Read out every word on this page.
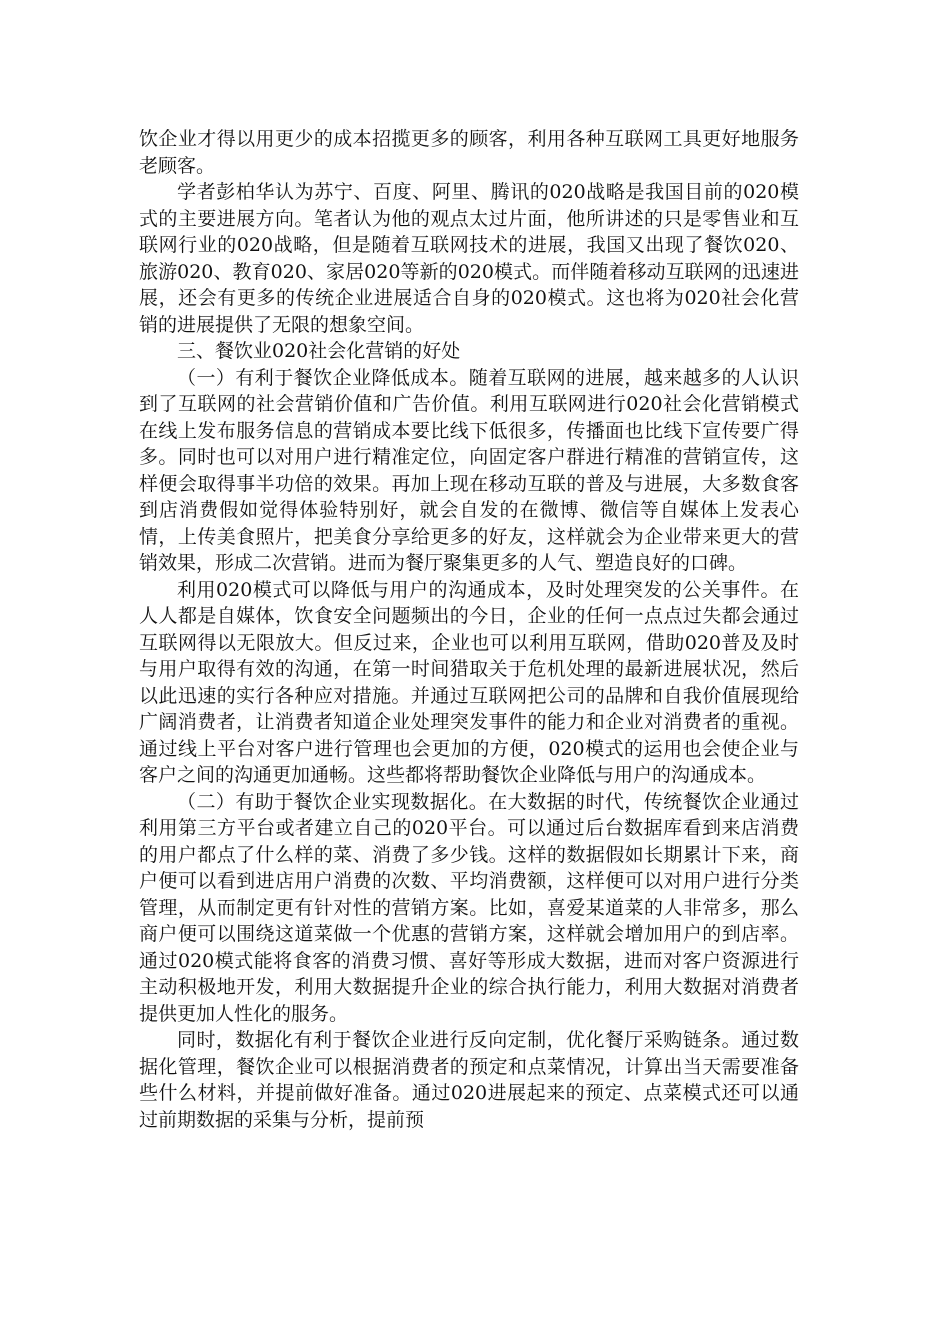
饮企业才得以用更少的成本招揽更多的顾客，利用各种互联网工具更好地服务老顾客。

学者彭柏华认为苏宁、百度、阿里、腾讯的020战略是我国目前的020模式的主要进展方向。笔者认为他的观点太过片面，他所讲述的只是零售业和互联网行业的020战略，但是随着互联网技术的进展，我国又出现了餐饮020、旅游020、教育020、家居020等新的020模式。而伴随着移动互联网的迅速进展，还会有更多的传统企业进展适合自身的020模式。这也将为020社会化营销的进展提供了无限的想象空间。

三、餐饮业020社会化营销的好处

（一）有利于餐饮企业降低成本。随着互联网的进展，越来越多的人认识到了互联网的社会营销价值和广告价值。利用互联网进行020社会化营销模式在线上发布服务信息的营销成本要比线下低很多，传播面也比线下宣传要广得多。同时也可以对用户进行精准定位，向固定客户群进行精准的营销宣传，这样便会取得事半功倍的效果。再加上现在移动互联的普及与进展，大多数食客到店消费假如觉得体验特别好，就会自发的在微博、微信等自媒体上发表心情，上传美食照片，把美食分享给更多的好友，这样就会为企业带来更大的营销效果，形成二次营销。进而为餐厅聚集更多的人气、塑造良好的口碑。

利用020模式可以降低与用户的沟通成本，及时处理突发的公关事件。在人人都是自媒体，饮食安全问题频出的今日，企业的任何一点点过失都会通过互联网得以无限放大。但反过来，企业也可以利用互联网，借助020普及及时与用户取得有效的沟通，在第一时间猎取关于危机处理的最新进展状况，然后以此迅速的实行各种应对措施。并通过互联网把公司的品牌和自我价值展现给广阔消费者，让消费者知道企业处理突发事件的能力和企业对消费者的重视。通过线上平台对客户进行管理也会更加的方便，020模式的运用也会使企业与客户之间的沟通更加通畅。这些都将帮助餐饮企业降低与用户的沟通成本。

（二）有助于餐饮企业实现数据化。在大数据的时代，传统餐饮企业通过利用第三方平台或者建立自己的020平台。可以通过后台数据库看到来店消费的用户都点了什么样的菜、消费了多少钱。这样的数据假如长期累计下来，商户便可以看到进店用户消费的次数、平均消费额，这样便可以对用户进行分类管理，从而制定更有针对性的营销方案。比如，喜爱某道菜的人非常多，那么商户便可以围绕这道菜做一个优惠的营销方案，这样就会增加用户的到店率。通过020模式能将食客的消费习惯、喜好等形成大数据，进而对客户资源进行主动积极地开发，利用大数据提升企业的综合执行能力，利用大数据对消费者提供更加人性化的服务。

同时，数据化有利于餐饮企业进行反向定制，优化餐厅采购链条。通过数据化管理，餐饮企业可以根据消费者的预定和点菜情况，计算出当天需要准备些什么材料，并提前做好准备。通过020进展起来的预定、点菜模式还可以通过前期数据的采集与分析，提前预
